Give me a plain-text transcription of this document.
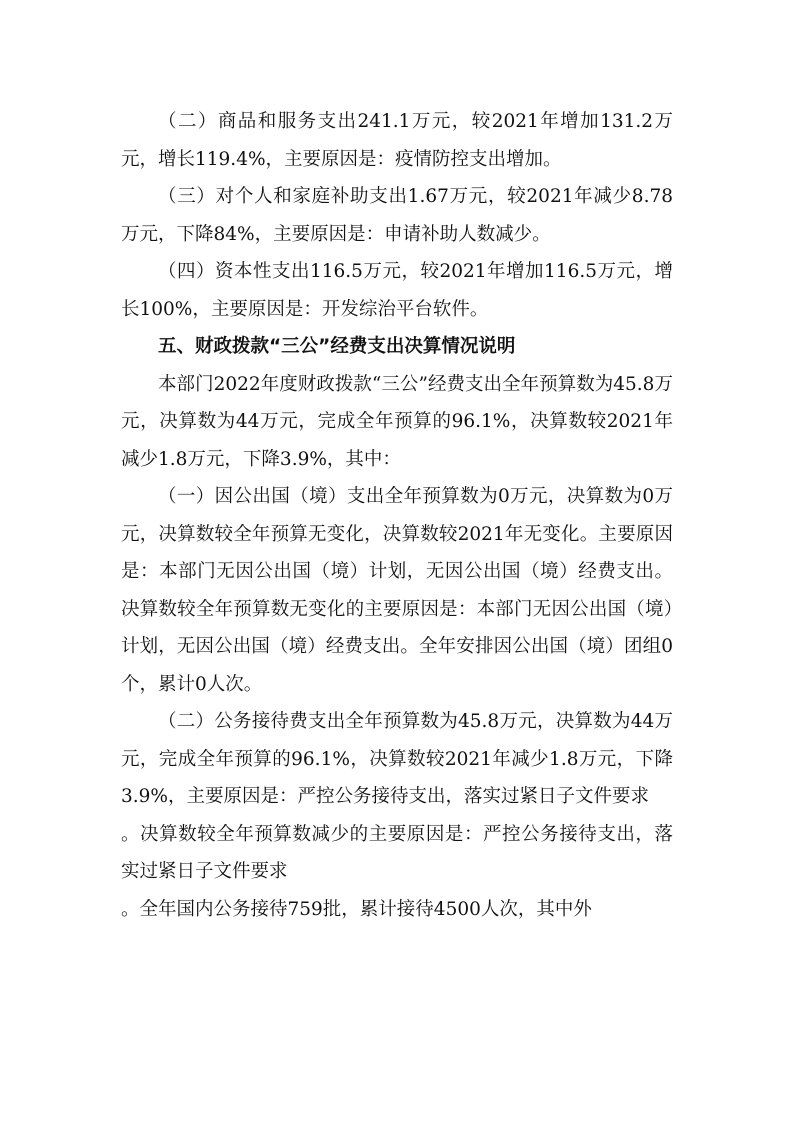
（二）商品和服务支出241.1万元，较2021年增加131.2万元，增长119.4%，主要原因是：疫情防控支出增加。

（三）对个人和家庭补助支出1.67万元，较2021年减少8.78万元，下降84%，主要原因是：申请补助人数减少。

（四）资本性支出116.5万元，较2021年增加116.5万元，增长100%，主要原因是：开发综治平台软件。

五、财政拨款“三公”经费支出决算情况说明

本部门2022年度财政拨款“三公”经费支出全年预算数为45.8万元，决算数为44万元，完成全年预算的96.1%，决算数较2021年减少1.8万元，下降3.9%，其中：

（一）因公出国（境）支出全年预算数为0万元，决算数为0万元，决算数较全年预算无变化，决算数较2021年无变化。主要原因是：本部门无因公出国（境）计划，无因公出国（境）经费支出。决算数较全年预算数无变化的主要原因是：本部门无因公出国（境）计划，无因公出国（境）经费支出。全年安排因公出国（境）团组0个，累计0人次。

（二）公务接待费支出全年预算数为45.8万元，决算数为44万元，完成全年预算的96.1%，决算数较2021年减少1.8万元，下降3.9%，主要原因是：严控公务接待支出，落实过紧日子文件要求

。决算数较全年预算数减少的主要原因是：严控公务接待支出，落实过紧日子文件要求

。全年国内公务接待759批，累计接待4500人次，其中外
